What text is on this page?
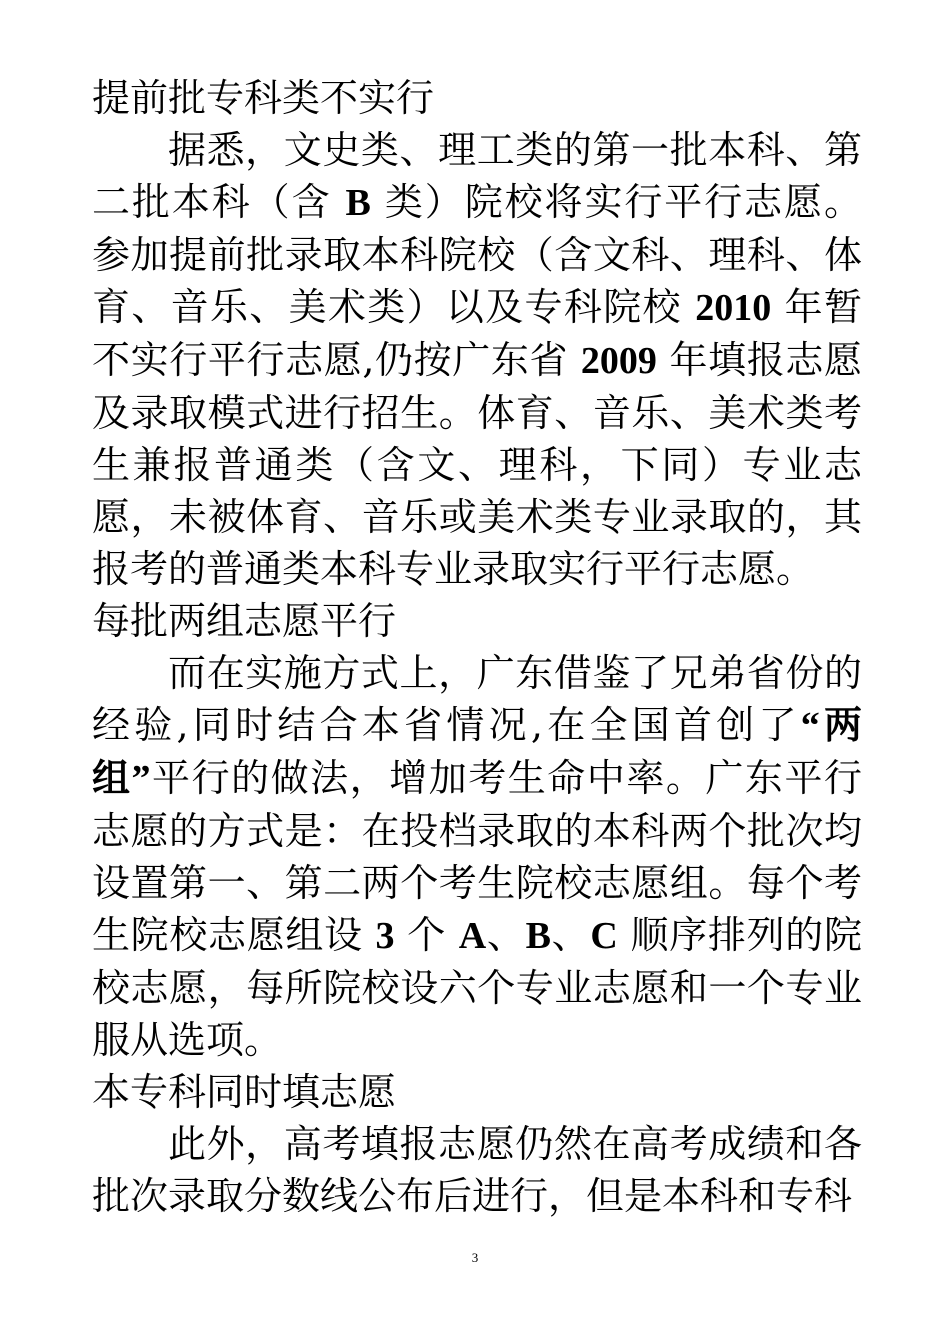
提前批专科类不实行

据悉，文史类、理工类的第一批本科、第二批本科（含 B 类）院校将实行平行志愿。参加提前批录取本科院校（含文科、理科、体育、音乐、美术类）以及专科院校 2010 年暂不实行平行志愿,仍按广东省 2009 年填报志愿及录取模式进行招生。体育、音乐、美术类考生兼报普通类（含文、理科，下同）专业志愿，未被体育、音乐或美术类专业录取的，其报考的普通类本科专业录取实行平行志愿。

每批两组志愿平行

而在实施方式上，广东借鉴了兄弟省份的经验,同时结合本省情况,在全国首创了“两组”平行的做法，增加考生命中率。广东平行志愿的方式是：在投档录取的本科两个批次均设置第一、第二两个考生院校志愿组。每个考生院校志愿组设 3 个 A、B、C 顺序排列的院校志愿，每所院校设六个专业志愿和一个专业服从选项。

本专科同时填志愿

此外，高考填报志愿仍然在高考成绩和各批次录取分数线公布后进行，但是本科和专科

3
